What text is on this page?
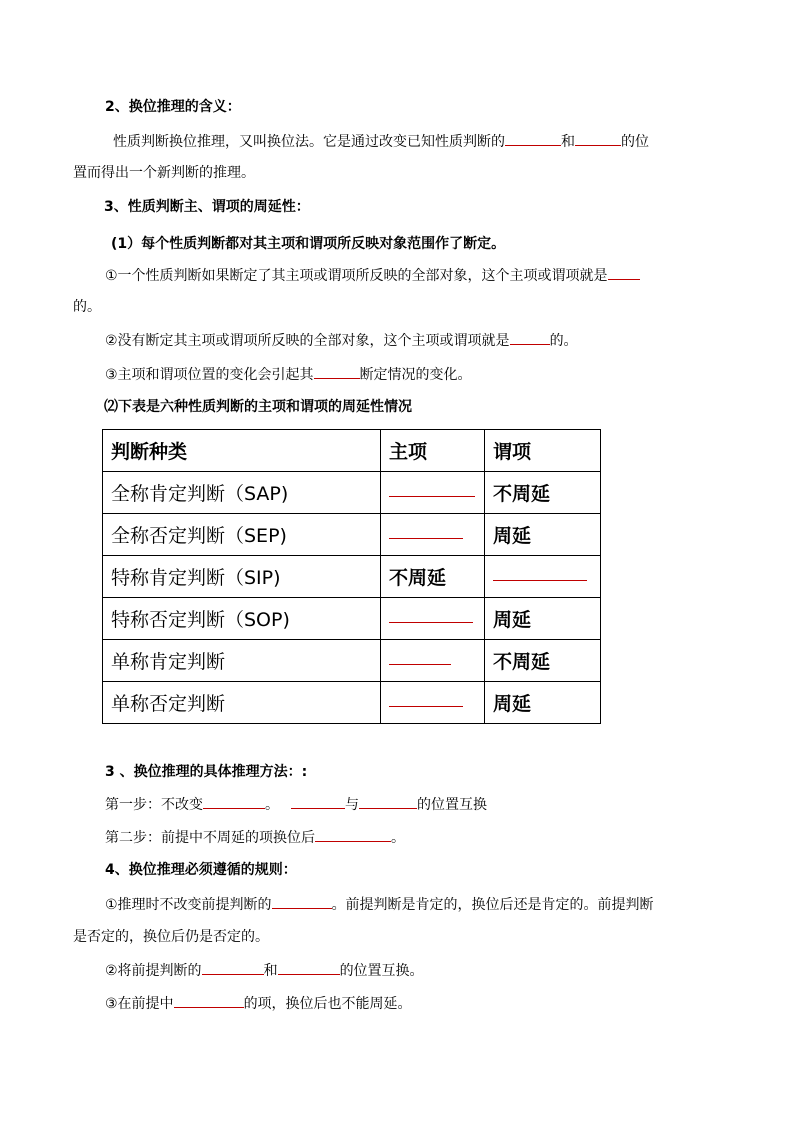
2、换位推理的含义：
性质判断换位推理，又叫换位法。它是通过改变已知性质判断的	和	的位
置而得出一个新判断的推理。
3、性质判断主、谓项的周延性：
(1）每个性质判断都对其主项和谓项所反映对象范围作了断定。
①一个性质判断如果断定了其主项或谓项所反映的全部对象，这个主项或谓项就是
的。
②没有断定其主项或谓项所反映的全部对象，这个主项或谓项就是	的。
③主项和谓项位置的变化会引起其	断定情况的变化。
⑵下表是六种性质判断的主项和谓项的周延性情况
判断种类	主项	谓项
全称肯定判断（SAP)		不周延
全称否定判断（SEP)		周延
特称肯定判断（SIP)	不周延	
特称否定判断（SOP)		周延
单称肯定判断		不周延
单称否定判断		周延
3 、换位推理的具体推理方法：:
第一步：不改变	。	与	的位置互换
第二步：前提中不周延的项换位后	。
4、换位推理必须遵循的规则：
①推理时不改变前提判断的	。前提判断是肯定的，换位后还是肯定的。前提判断
是否定的，换位后仍是否定的。
②将前提判断的	和	的位置互换。
③在前提中	的项，换位后也不能周延。
